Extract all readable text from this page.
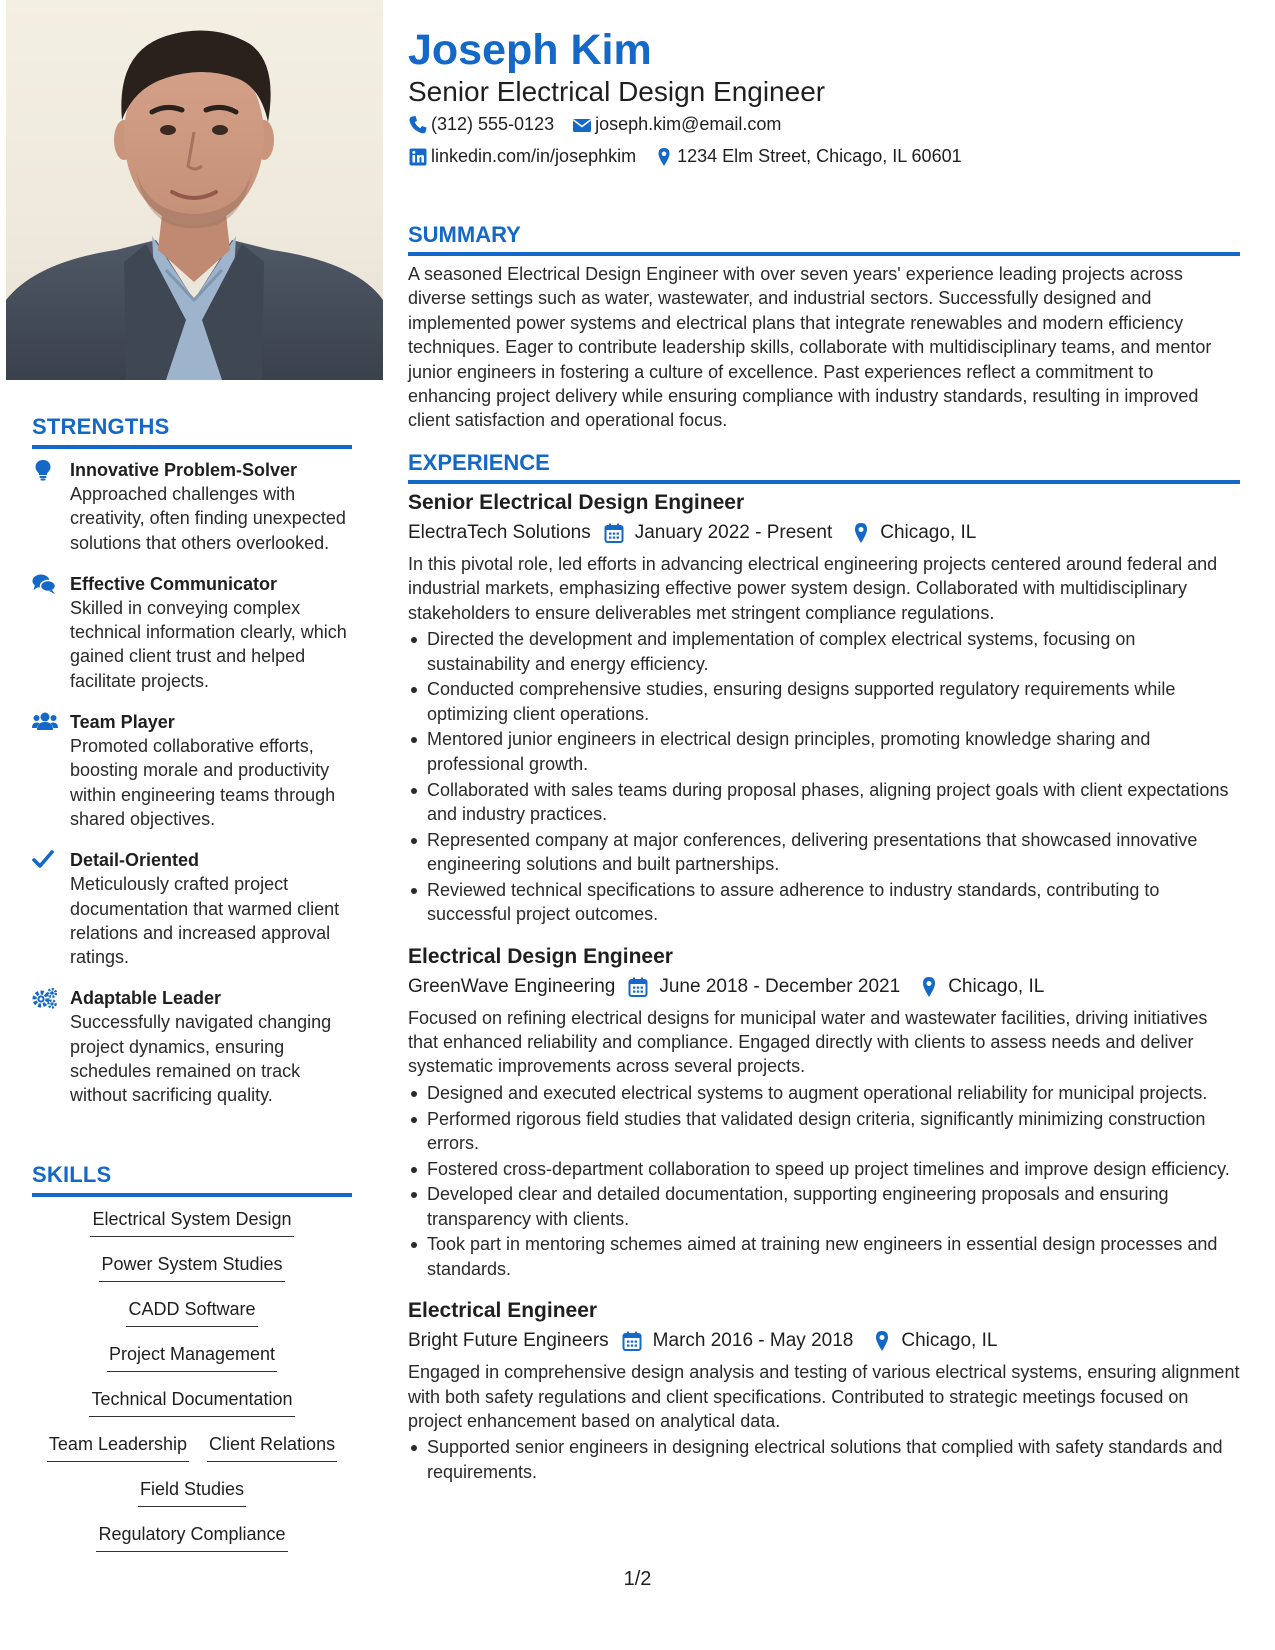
STRENGTHS
Innovative Problem-Solver
Approached challenges with creativity, often finding unexpected solutions that others overlooked.
Effective Communicator
Skilled in conveying complex technical information clearly, which gained client trust and helped facilitate projects.
Team Player
Promoted collaborative efforts, boosting morale and productivity within engineering teams through shared objectives.
Detail-Oriented
Meticulously crafted project documentation that warmed client relations and increased approval ratings.
Adaptable Leader
Successfully navigated changing project dynamics, ensuring schedules remained on track without sacrificing quality.
SKILLS
Electrical System Design
Power System Studies
CADD Software
Project Management
Technical Documentation
Team Leadership Client Relations
Field Studies
Regulatory Compliance
Joseph Kim
Senior Electrical Design Engineer
(312) 555-0123 joseph.kim@email.com
linkedin.com/in/josephkim 1234 Elm Street, Chicago, IL 60601
SUMMARY
A seasoned Electrical Design Engineer with over seven years' experience leading projects across diverse settings such as water, wastewater, and industrial sectors. Successfully designed and implemented power systems and electrical plans that integrate renewables and modern efficiency techniques. Eager to contribute leadership skills, collaborate with multidisciplinary teams, and mentor junior engineers in fostering a culture of excellence. Past experiences reflect a commitment to enhancing project delivery while ensuring compliance with industry standards, resulting in improved client satisfaction and operational focus.
EXPERIENCE
Senior Electrical Design Engineer
ElectraTech Solutions January 2022 - Present	Chicago, IL
In this pivotal role, led efforts in advancing electrical engineering projects centered around federal and industrial markets, emphasizing effective power system design. Collaborated with multidisciplinary stakeholders to ensure deliverables met stringent compliance regulations.
Directed the development and implementation of complex electrical systems, focusing on sustainability and energy efficiency.
Conducted comprehensive studies, ensuring designs supported regulatory requirements while optimizing client operations.
Mentored junior engineers in electrical design principles, promoting knowledge sharing and professional growth.
Collaborated with sales teams during proposal phases, aligning project goals with client expectations and industry practices.
Represented company at major conferences, delivering presentations that showcased innovative engineering solutions and built partnerships.
Reviewed technical specifications to assure adherence to industry standards, contributing to successful project outcomes.
Electrical Design Engineer
GreenWave Engineering June 2018 - December 2021	Chicago, IL
Focused on refining electrical designs for municipal water and wastewater facilities, driving initiatives that enhanced reliability and compliance. Engaged directly with clients to assess needs and deliver systematic improvements across several projects.
Designed and executed electrical systems to augment operational reliability for municipal projects.
Performed rigorous field studies that validated design criteria, significantly minimizing construction errors.
Fostered cross-department collaboration to speed up project timelines and improve design efficiency.
Developed clear and detailed documentation, supporting engineering proposals and ensuring transparency with clients.
Took part in mentoring schemes aimed at training new engineers in essential design processes and standards.
Electrical Engineer
Bright Future Engineers March 2016 - May 2018	Chicago, IL
Engaged in comprehensive design analysis and testing of various electrical systems, ensuring alignment with both safety regulations and client specifications. Contributed to strategic meetings focused on project enhancement based on analytical data.
Supported senior engineers in designing electrical solutions that complied with safety standards and requirements.
1/2
